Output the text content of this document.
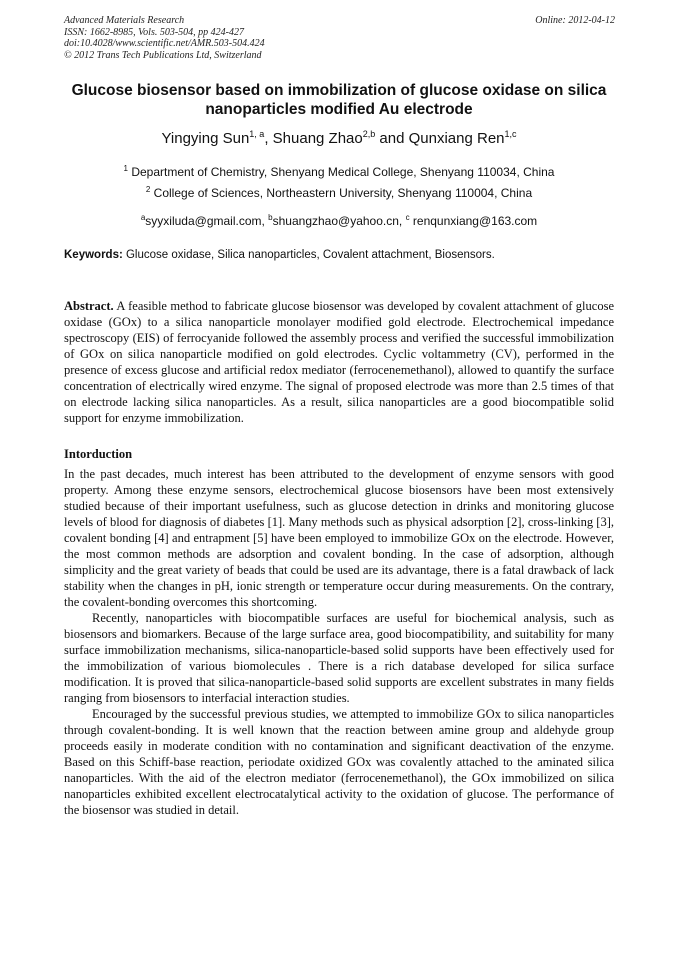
Advanced Materials Research
ISSN: 1662-8985, Vols. 503-504, pp 424-427
doi:10.4028/www.scientific.net/AMR.503-504.424
© 2012 Trans Tech Publications Ltd, Switzerland
Online: 2012-04-12
Glucose biosensor based on immobilization of glucose oxidase on silica nanoparticles modified Au electrode
Yingying Sun$^{1, a}$, Shuang Zhao$^{2,b}$ and Qunxiang Ren$^{1,c}$
$^1$ Department of Chemistry, Shenyang Medical College, Shenyang 110034, China
$^2$ College of Sciences, Northeastern University, Shenyang 110004, China
$^a$syyxiluda@gmail.com, $^b$shuangzhao@yahoo.cn, $^c$ renqunxiang@163.com
Keywords: Glucose oxidase, Silica nanoparticles, Covalent attachment, Biosensors.
Abstract. A feasible method to fabricate glucose biosensor was developed by covalent attachment of glucose oxidase (GOx) to a silica nanoparticle monolayer modified gold electrode. Electrochemical impedance spectroscopy (EIS) of ferrocyanide followed the assembly process and verified the successful immobilization of GOx on silica nanoparticle modified on gold electrodes. Cyclic voltammetry (CV), performed in the presence of excess glucose and artificial redox mediator (ferrocenemethanol), allowed to quantify the surface concentration of electrically wired enzyme. The signal of proposed electrode was more than 2.5 times of that on electrode lacking silica nanoparticles. As a result, silica nanoparticles are a good biocompatible solid support for enzyme immobilization.
Intorduction

In the past decades, much interest has been attributed to the development of enzyme sensors with good property. Among these enzyme sensors, electrochemical glucose biosensors have been most extensively studied because of their important usefulness, such as glucose detection in drinks and monitoring glucose levels of blood for diagnosis of diabetes [1]. Many methods such as physical adsorption [2], cross-linking [3], covalent bonding [4] and entrapment [5] have been employed to immobilize GOx on the electrode. However, the most common methods are adsorption and covalent bonding. In the case of adsorption, although simplicity and the great variety of beads that could be used are its advantage, there is a fatal drawback of lack stability when the changes in pH, ionic strength or temperature occur during measurements. On the contrary, the covalent-bonding overcomes this shortcoming.

Recently, nanoparticles with biocompatible surfaces are useful for biochemical analysis, such as biosensors and biomarkers. Because of the large surface area, good biocompatibility, and suitability for many surface immobilization mechanisms, silica-nanoparticle-based solid supports have been effectively used for the immobilization of various biomolecules . There is a rich database developed for silica surface modification. It is proved that silica-nanoparticle-based solid supports are excellent substrates in many fields ranging from biosensors to interfacial interaction studies.

Encouraged by the successful previous studies, we attempted to immobilize GOx to silica nanoparticles through covalent-bonding. It is well known that the reaction between amine group and aldehyde group proceeds easily in moderate condition with no contamination and significant deactivation of the enzyme. Based on this Schiff-base reaction, periodate oxidized GOx was covalently attached to the aminated silica nanoparticles. With the aid of the electron mediator (ferrocenemethanol), the GOx immobilized on silica nanoparticles exhibited excellent electrocatalytical activity to the oxidation of glucose. The performance of the biosensor was studied in detail.
